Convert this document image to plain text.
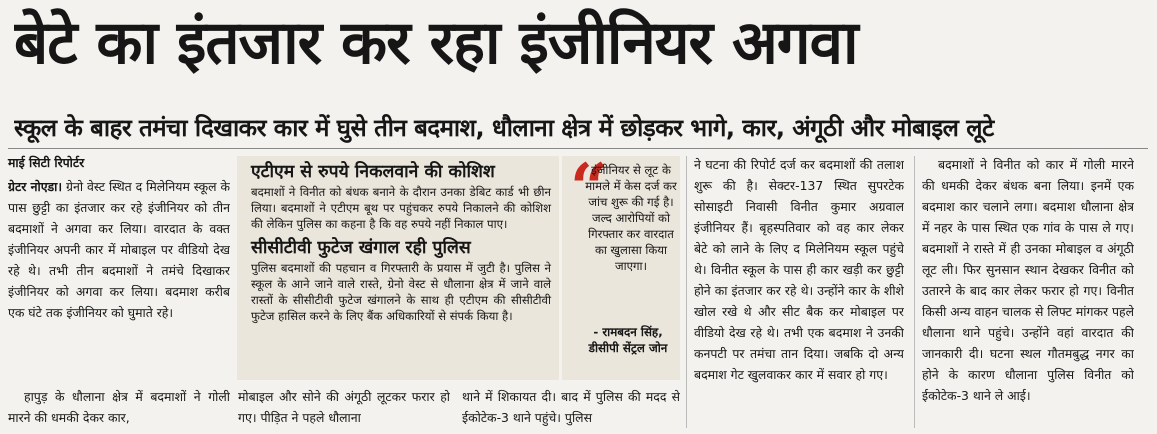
बेटे का इंतजार कर रहा इंजीनियर अगवा
स्कूल के बाहर तमंचा दिखाकर कार में घुसे तीन बदमाश, धौलाना क्षेत्र में छोड़कर भागे, कार, अंगूठी और मोबाइल लूटे
माई सिटी रिपोर्टर

ग्रेटर नोएडा। ग्रेनो वेस्ट स्थित द मिलेनियम स्कूल के पास छुट्टी का इंतजार कर रहे इंजीनियर को तीन बदमाशों ने अगवा कर लिया। वारदात के वक्त इंजीनियर अपनी कार में मोबाइल पर वीडियो देख रहे थे। तभी तीन बदमाशों ने तमंचे दिखाकर इंजीनियर को अगवा कर लिया। बदमाश करीब एक घंटे तक इंजीनियर को घुमाते रहे।

हापुड़ के धौलाना क्षेत्र में बदमाशों ने गोली मारने की धमकी देकर कार,
एटीएम से रुपये निकलवाने की कोशिश
बदमाशों ने विनीत को बंधक बनाने के दौरान उनका डेबिट कार्ड भी छीन लिया। बदमाशों ने एटीएम बूथ पर पहुंचकर रुपये निकालने की कोशिश की लेकिन पुलिस का कहना है कि वह रुपये नहीं निकाल पाए।
सीसीटीवी फुटेज खंगाल रही पुलिस
पुलिस बदमाशों की पहचान व गिरफ्तारी के प्रयास में जुटी है। पुलिस ने स्कूल के आने जाने वाले रास्ते, ग्रेनो वेस्ट से धौलाना क्षेत्र में जाने वाले रास्तों के सीसीटीवी फुटेज खंगालने के साथ ही एटीएम की सीसीटीवी फुटेज हासिल करने के लिए बैंक अधिकारियों से संपर्क किया है।
“
इंजीनियर से लूट के मामले में केस दर्ज कर जांच शुरू की गई है। जल्द आरोपियों को गिरफ्तार कर वारदात का खुलासा किया जाएगा।
- रामबदन सिंह, डीसीपी सेंट्रल जोन
मोबाइल और सोने की अंगूठी लूटकर फरार हो गए। पीड़ित ने पहले धौलाना
थाने में शिकायत दी। बाद में पुलिस की मदद से ईकोटेक-3 थाने पहुंचे। पुलिस
ने घटना की रिपोर्ट दर्ज कर बदमाशों की तलाश शुरू की है। सेक्टर-137 स्थित सुपरटेक सोसाइटी निवासी विनीत कुमार अग्रवाल इंजीनियर हैं। बृहस्पतिवार को वह कार लेकर बेटे को लाने के लिए द मिलेनियम स्कूल पहुंचे थे। विनीत स्कूल के पास ही कार खड़ी कर छुट्टी होने का इंतजार कर रहे थे। उन्होंने कार के शीशे खोल रखे थे और सीट बैक कर मोबाइल पर वीडियो देख रहे थे। तभी एक बदमाश ने उनकी कनपटी पर तमंचा तान दिया। जबकि दो अन्य बदमाश गेट खुलवाकर कार में सवार हो गए।
बदमाशों ने विनीत को कार में गोली मारने की धमकी देकर बंधक बना लिया। इनमें एक बदमाश कार चलाने लगा। बदमाश धौलाना क्षेत्र में नहर के पास स्थित एक गांव के पास ले गए। बदमाशों ने रास्ते में ही उनका मोबाइल व अंगूठी लूट ली। फिर सुनसान स्थान देखकर विनीत को उतारने के बाद कार लेकर फरार हो गए। विनीत किसी अन्य वाहन चालक से लिफ्ट मांगकर पहले धौलाना थाने पहुंचे। उन्होंने वहां वारदात की जानकारी दी। घटना स्थल गौतमबुद्ध नगर का होने के कारण धौलाना पुलिस विनीत को ईकोटेक-3 थाने ले आई।
